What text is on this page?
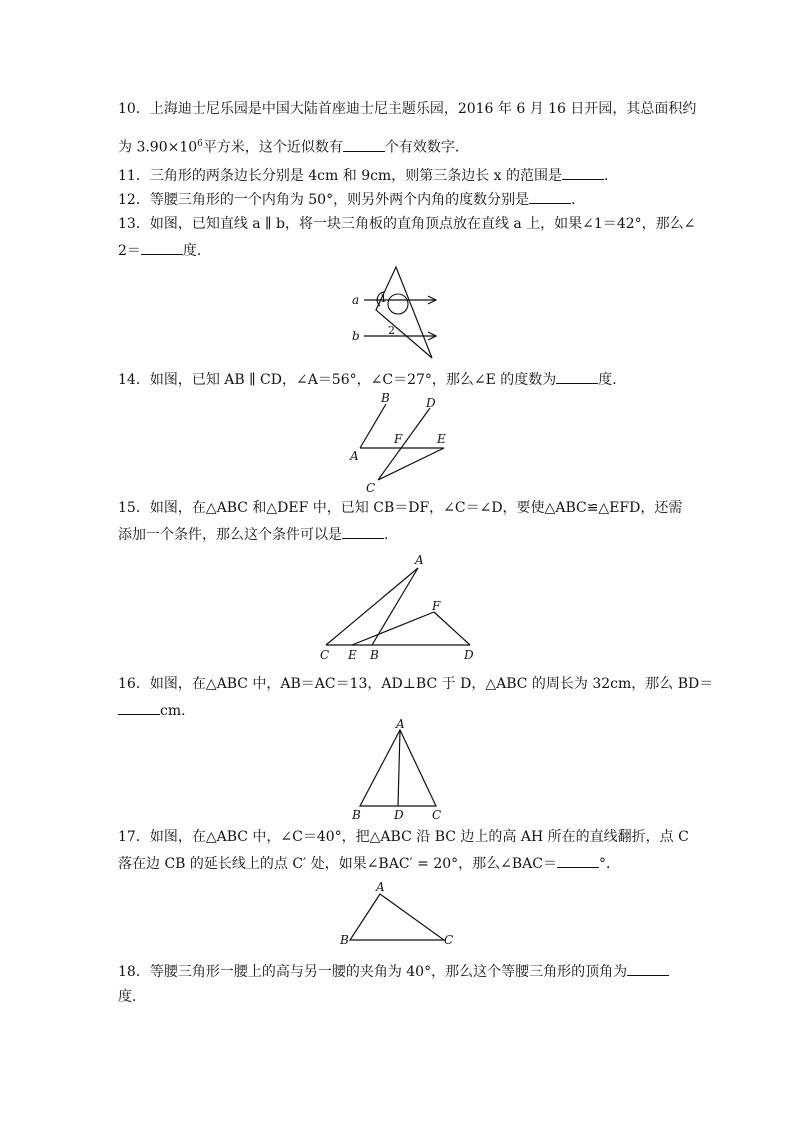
10．上海迪士尼乐园是中国大陆首座迪士尼主题乐园，2016 年 6 月 16 日开园，其总面积约
为 $3.90\times 10^6$平方米，这个近似数有	个有效数字．
11．三角形的两条边长分别是 4cm 和 9cm，则第三条边长 x 的范围是	．
12．等腰三角形的一个内角为 50°，则另外两个内角的度数分别是	．
13．如图，已知直线 a ∥ b，将一块三角板的直角顶点放在直线 a 上，如果∠1＝42°，那么∠
2＝	度．
a
b
1
2
14．如图，已知 AB ∥ CD，∠A＝56°，∠C＝27°，那么∠E 的度数为	度．
B	D
F	E
A
C
15．如图，在△ABC 和△DEF 中，已知 CB＝DF，∠C＝∠D，要使△ABC≌△EFD，还需
添加一个条件，那么这个条件可以是	．
A
F
C E B	D
16．如图，在△ABC 中，AB＝AC＝13，AD⊥BC 于 D，△ABC 的周长为 32cm，那么 BD＝
cm．
A
B	D C
17．如图，在△ABC 中，∠C＝40°，把△ABC 沿 BC 边上的高 AH 所在的直线翻折，点 C
落在边 CB 的延长线上的点 C′ 处，如果∠BAC′ = 20°，那么∠BAC＝	°．
A
B	C
18．等腰三角形一腰上的高与另一腰的夹角为 40°，那么这个等腰三角形的顶角为
度．
